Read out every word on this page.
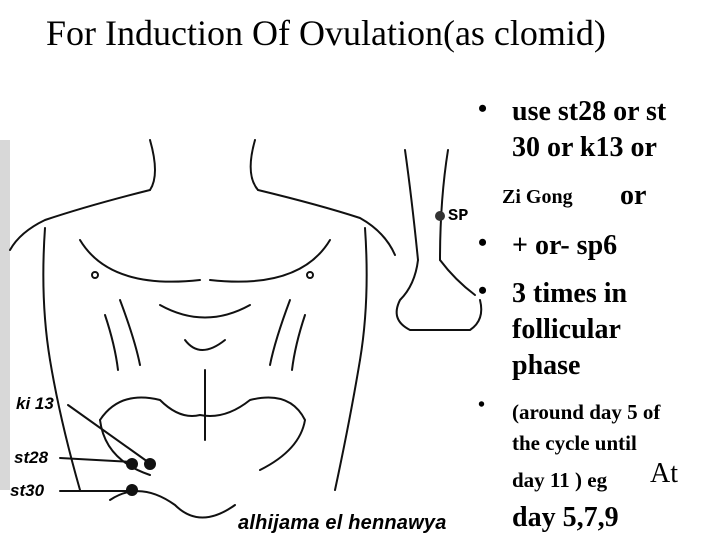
For Induction Of Ovulation(as clomid)
ki 13
st28
st30
SP
alhijama el hennawya
• use st28 or st
30 or k13 or
Zi Gong or
• + or- sp6
• 3 times in
follicular
phase
• (around day 5 of
the cycle until
day 11 ) eg At
day 5,7,9
